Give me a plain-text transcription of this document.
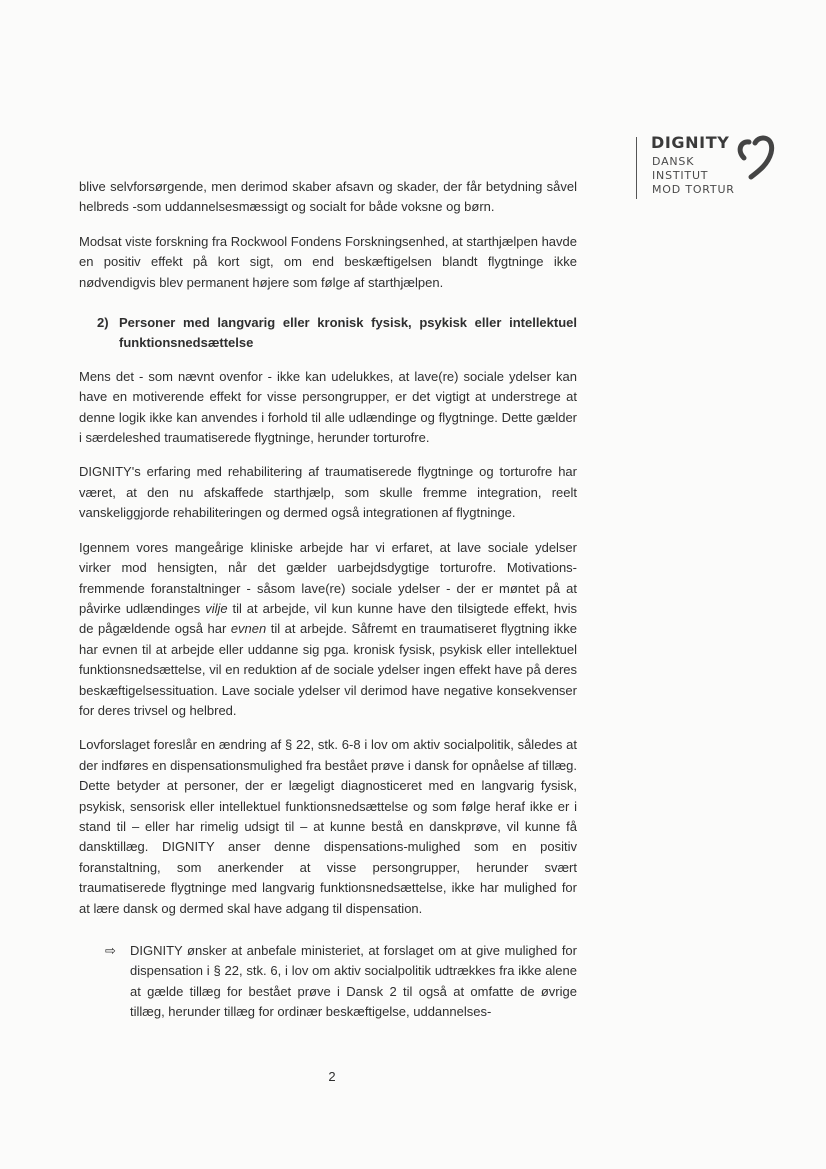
DIGNITY
DANSK
INSTITUT
MOD TORTUR

blive selvforsørgende, men derimod skaber afsavn og skader, der får betydning såvel helbreds -som uddannelsesmæssigt og socialt for både voksne og børn.

Modsat viste forskning fra Rockwool Fondens Forskningsenhed, at starthjælpen havde en positiv effekt på kort sigt, om end beskæftigelsen blandt flygtninge ikke nødvendigvis blev permanent højere som følge af starthjælpen.

2) Personer med langvarig eller kronisk fysisk, psykisk eller intellektuel funktionsnedsættelse

Mens det - som nævnt ovenfor - ikke kan udelukkes, at lave(re) sociale ydelser kan have en motiverende effekt for visse persongrupper, er det vigtigt at understrege at denne logik ikke kan anvendes i forhold til alle udlændinge og flygtninge. Dette gælder i særdeleshed traumatiserede flygtninge, herunder torturofre.

DIGNITY's erfaring med rehabilitering af traumatiserede flygtninge og torturofre har været, at den nu afskaffede starthjælp, som skulle fremme integration, reelt vanskeliggjorde rehabiliteringen og dermed også integrationen af flygtninge.

Igennem vores mangeårige kliniske arbejde har vi erfaret, at lave sociale ydelser virker mod hensigten, når det gælder uarbejdsdygtige torturofre. Motivations-fremmende foranstaltninger - såsom lave(re) sociale ydelser - der er møntet på at påvirke udlændinges vilje til at arbejde, vil kun kunne have den tilsigtede effekt, hvis de pågældende også har evnen til at arbejde. Såfremt en traumatiseret flygtning ikke har evnen til at arbejde eller uddanne sig pga. kronisk fysisk, psykisk eller intellektuel funktionsnedsættelse, vil en reduktion af de sociale ydelser ingen effekt have på deres beskæftigelsessituation. Lave sociale ydelser vil derimod have negative konsekvenser for deres trivsel og helbred.

Lovforslaget foreslår en ændring af § 22, stk. 6-8 i lov om aktiv socialpolitik, således at der indføres en dispensationsmulighed fra bestået prøve i dansk for opnåelse af tillæg. Dette betyder at personer, der er lægeligt diagnosticeret med en langvarig fysisk, psykisk, sensorisk eller intellektuel funktionsnedsættelse og som følge heraf ikke er i stand til – eller har rimelig udsigt til – at kunne bestå en danskprøve, vil kunne få dansktillæg. DIGNITY anser denne dispensations-mulighed som en positiv foranstaltning, som anerkender at visse persongrupper, herunder svært traumatiserede flygtninge med langvarig funktionsnedsættelse, ikke har mulighed for at lære dansk og dermed skal have adgang til dispensation.

⇨	DIGNITY ønsker at anbefale ministeriet, at forslaget om at give mulighed for dispensation i § 22, stk. 6, i lov om aktiv socialpolitik udtrækkes fra ikke alene at gælde tillæg for bestået prøve i Dansk 2 til også at omfatte de øvrige tillæg, herunder tillæg for ordinær beskæftigelse, uddannelses-
2
